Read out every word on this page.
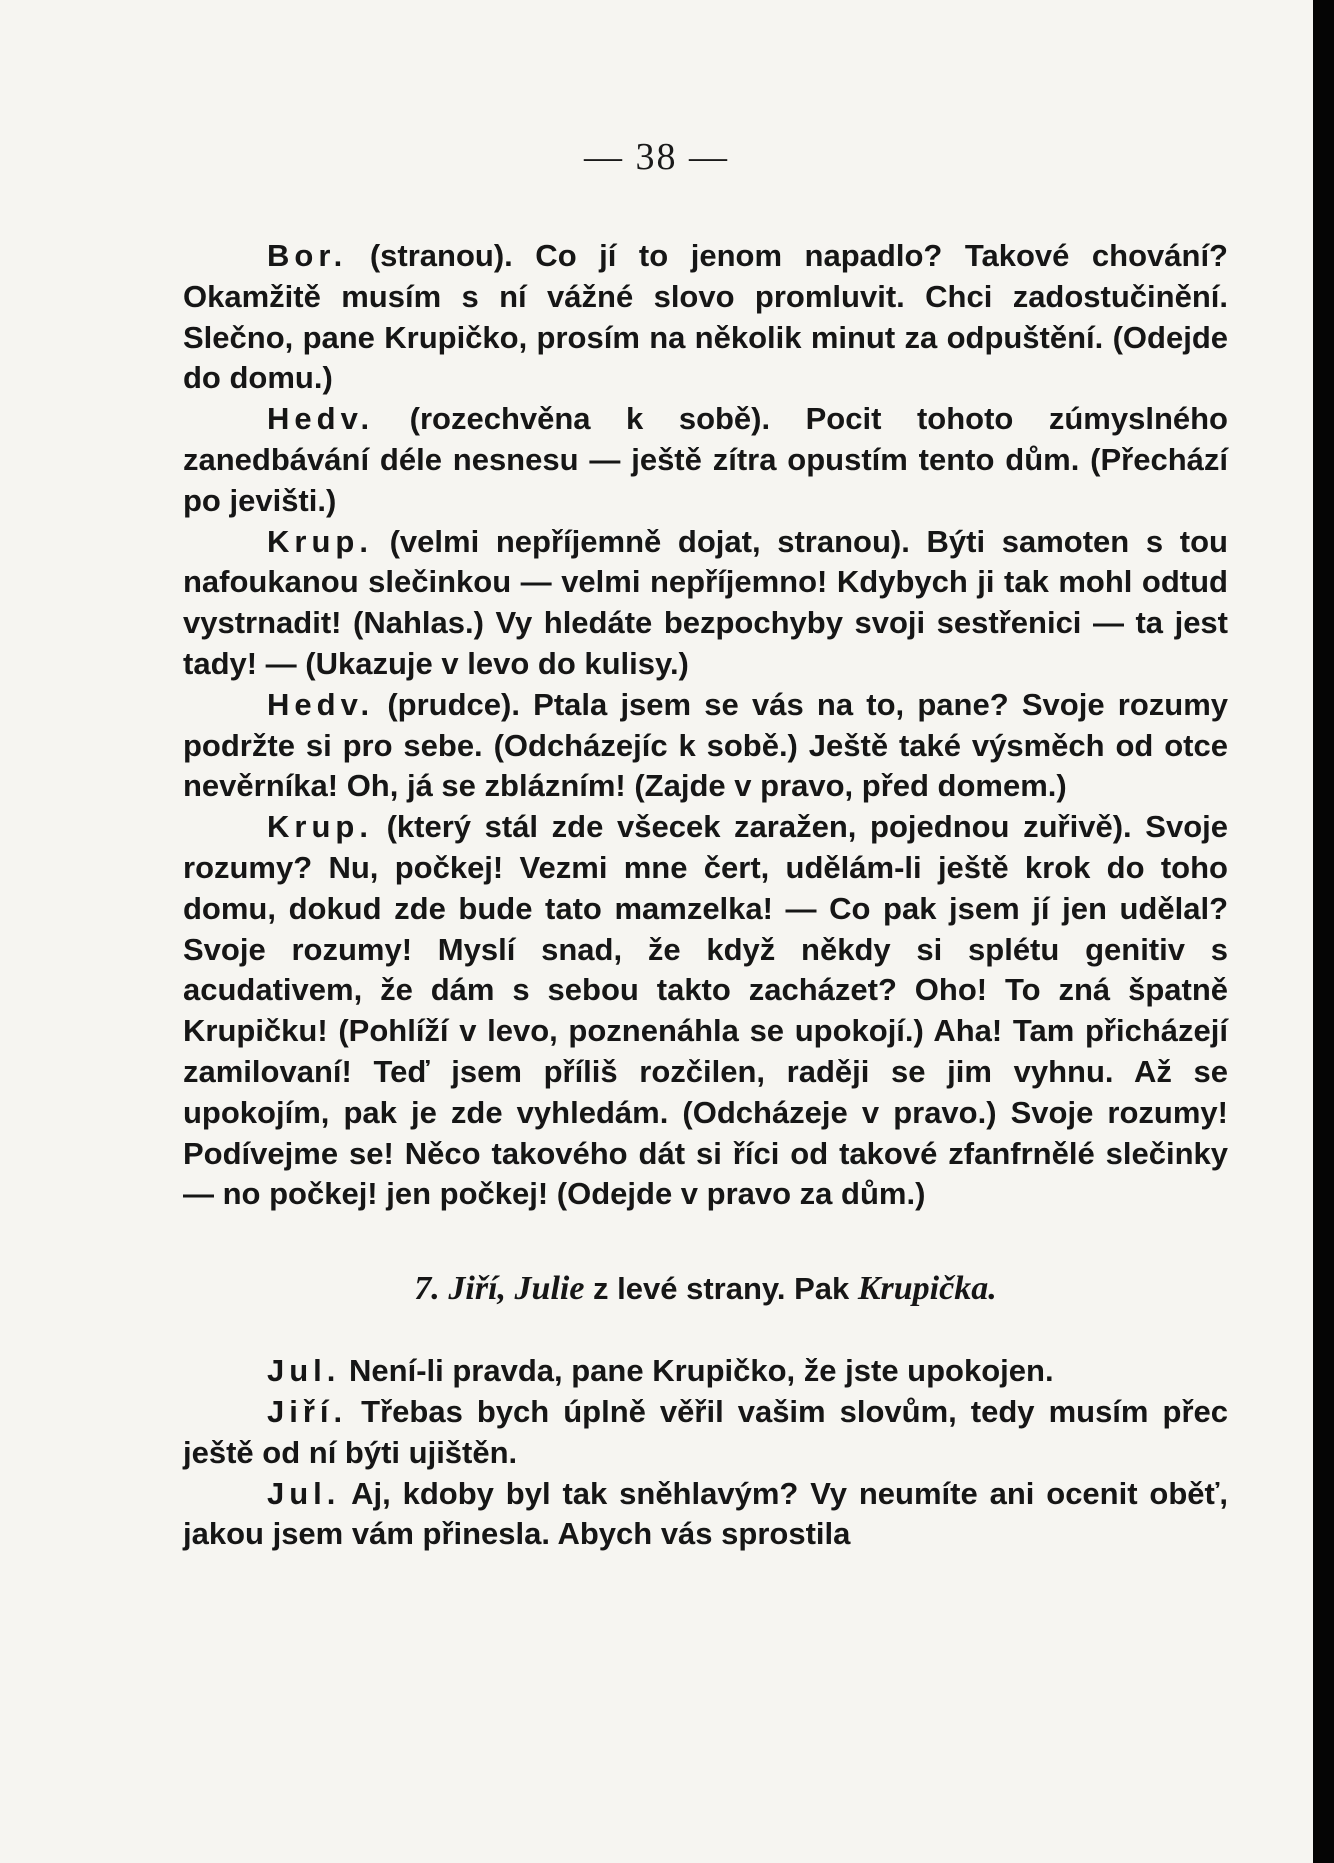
— 38 —

Bor. (stranou). Co jí to jenom napadlo? Takové chování? Okamžitě musím s ní vážné slovo promluvit. Chci zadostučinění. Slečno, pane Krupičko, prosím na několik minut za odpuštění. (Odejde do domu.)

Hedv. (rozechvěna k sobě). Pocit tohoto zúmyslného zanedbávání déle nesnesu — ještě zítra opustím tento dům. (Přechází po jevišti.)

Krup. (velmi nepříjemně dojat, stranou). Býti samoten s tou nafoukanou slečinkou — velmi nepříjemno! Kdybych ji tak mohl odtud vystrnadit! (Nahlas.) Vy hledáte bezpochyby svoji sestřenici — ta jest tady! — (Ukazuje v levo do kulisy.)

Hedv. (prudce). Ptala jsem se vás na to, pane? Svoje rozumy podržte si pro sebe. (Odcházejíc k sobě.) Ještě také výsměch od otce nevěrníka! Oh, já se zblázním! (Zajde v pravo, před domem.)

Krup. (který stál zde všecek zaražen, pojednou zuřivě). Svoje rozumy? Nu, počkej! Vezmi mne čert, udělám-li ještě krok do toho domu, dokud zde bude tato mamzelka! — Co pak jsem jí jen udělal? Svoje rozumy! Myslí snad, že když někdy si splétu genitiv s acudativem, že dám s sebou takto zacházet? Oho! To zná špatně Krupičku! (Pohlíží v levo, poznenáhla se upokojí.) Aha! Tam přicházejí zamilovaní! Teď jsem příliš rozčilen, raději se jim vyhnu. Až se upokojím, pak je zde vyhledám. (Odcházeje v pravo.) Svoje rozumy! Podívejme se! Něco takového dát si říci od takové zfanfrnělé slečinky — no počkej! jen počkej! (Odejde v pravo za dům.)

7. Jiří, Julie z levé strany. Pak Krupička.

Jul. Není-li pravda, pane Krupičko, že jste upokojen.

Jiří. Třebas bych úplně věřil vašim slovům, tedy musím přec ještě od ní býti ujištěn.

Jul. Aj, kdoby byl tak sněhlavým? Vy neumíte ani ocenit oběť, jakou jsem vám přinesla. Abych vás sprostila
